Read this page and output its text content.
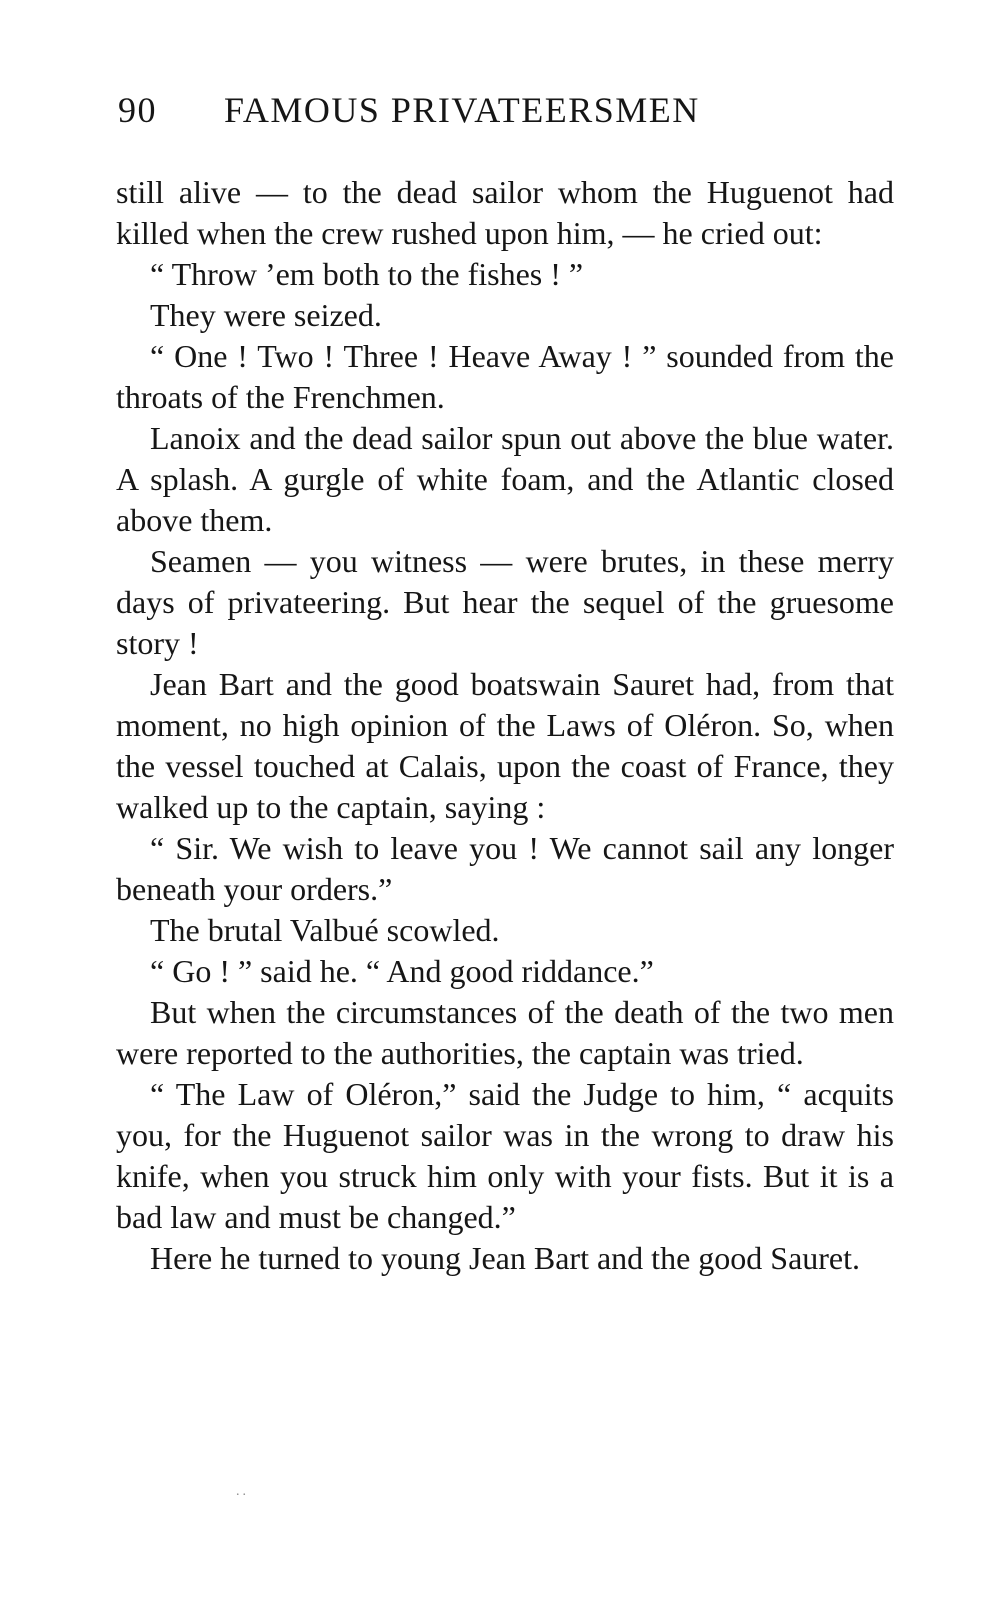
90 FAMOUS PRIVATEERSMEN

still alive — to the dead sailor whom the Huguenot had killed when the crew rushed upon him, — he cried out:

“ Throw ’em both to the fishes ! ”

They were seized.

“ One ! Two ! Three ! Heave Away ! ” sounded from the throats of the Frenchmen.

Lanoix and the dead sailor spun out above the blue water. A splash. A gurgle of white foam, and the Atlantic closed above them.

Seamen — you witness — were brutes, in these merry days of privateering. But hear the sequel of the gruesome story !

Jean Bart and the good boatswain Sauret had, from that moment, no high opinion of the Laws of Oléron. So, when the vessel touched at Calais, upon the coast of France, they walked up to the captain, saying :

“ Sir. We wish to leave you ! We cannot sail any longer beneath your orders.”

The brutal Valbué scowled.

“ Go ! ” said he. “ And good riddance.”

But when the circumstances of the death of the two men were reported to the authorities, the captain was tried.

“ The Law of Oléron,” said the Judge to him, “ acquits you, for the Huguenot sailor was in the wrong to draw his knife, when you struck him only with your fists. But it is a bad law and must be changed.”

Here he turned to young Jean Bart and the good Sauret.

..
